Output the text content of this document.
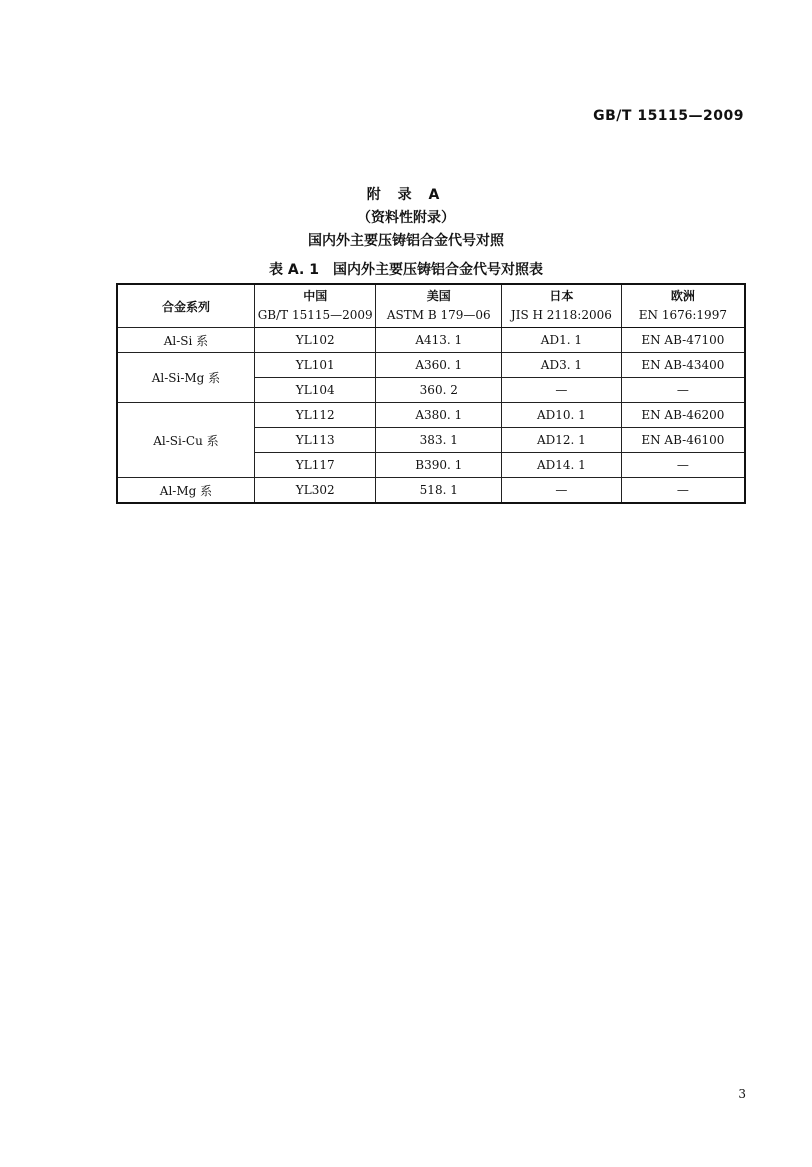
GB/T 15115—2009
附 录 A
（资料性附录）
国内外主要压铸铝合金代号对照
表 A. 1 国内外主要压铸铝合金代号对照表
合金系列	中国	美国	日本	欧洲
	GB/T 15115—2009	ASTM B 179—06	JIS H 2118:2006	EN 1676:1997
Al-Si 系	YL102	A413. 1	AD1. 1	EN AB-47100
Al-Si-Mg 系	YL101	A360. 1	AD3. 1	EN AB-43400
	YL104	360. 2	—	—
Al-Si-Cu 系	YL112	A380. 1	AD10. 1	EN AB-46200
	YL113	383. 1	AD12. 1	EN AB-46100
	YL117	B390. 1	AD14. 1	—
Al-Mg 系	YL302	518. 1	—	—
3
